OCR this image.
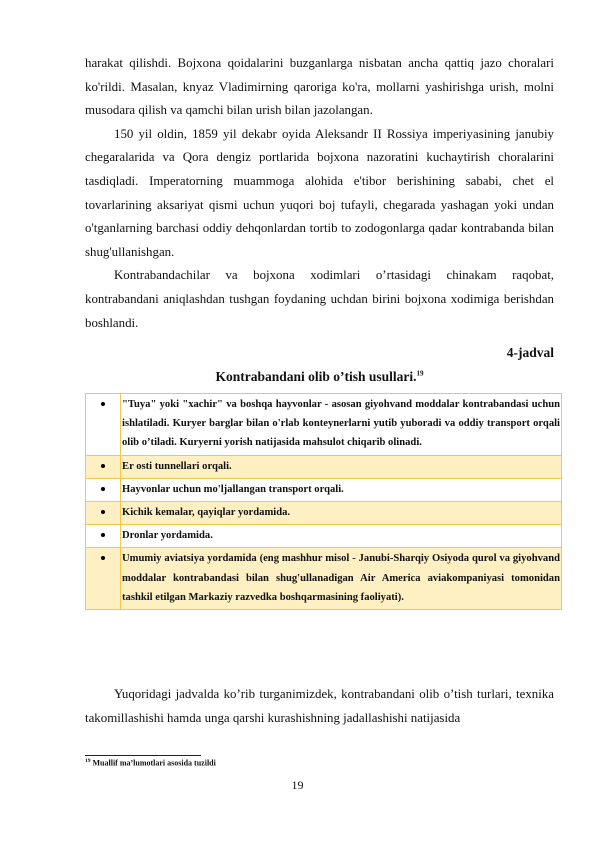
harakat qilishdi. Bojxona qoidalarini buzganlarga nisbatan ancha qattiq jazo choralari ko'rildi. Masalan, knyaz Vladimirning qaroriga ko'ra, mollarni yashirishga urish, molni musodara qilish va qamchi bilan urish bilan jazolangan.

150 yil oldin, 1859 yil dekabr oyida Aleksandr II Rossiya imperiyasining janubiy chegaralarida va Qora dengiz portlarida bojxona nazoratini kuchaytirish choralarini tasdiqladi. Imperatorning muammoga alohida e'tibor berishining sababi, chet el tovarlarining aksariyat qismi uchun yuqori boj tufayli, chegarada yashagan yoki undan o'tganlarning barchasi oddiy dehqonlardan tortib to zodogonlarga qadar kontrabanda bilan shug'ullanishgan.

Kontrabandachilar va bojxona xodimlari o’rtasidagi chinakam raqobat, kontrabandani aniqlashdan tushgan foydaning uchdan birini bojxona xodimiga berishdan boshlandi.

4-jadval
Kontrabandani olib o’tish usullari.$^{19}$
	"Tuya" yoki "xachir" va boshqa hayvonlar - asosan giyohvand moddalar kontrabandasi uchun ishlatiladi. Kuryer barglar bilan o'rlab konteynerlarni yutib yuboradi va oddiy transport orqali olib o’tiladi. Kuryerni yorish natijasida mahsulot chiqarib olinadi.
	Er osti tunnellari orqali.
	Hayvonlar uchun mo'ljallangan transport orqali.
	Kichik kemalar, qayiqlar yordamida.
	Dronlar yordamida.
	Umumiy aviatsiya yordamida (eng mashhur misol - Janubi-Sharqiy Osiyoda qurol va giyohvand moddalar kontrabandasi bilan shug'ullanadigan Air America aviakompaniyasi tomonidan tashkil etilgan Markaziy razvedka boshqarmasining faoliyati).

Yuqoridagi jadvalda ko’rib turganimizdek, kontrabandani olib o’tish turlari, texnika takomillashishi hamda unga qarshi kurashishning jadallashishi natijasida

$^{19}$ Muallif ma’lumotlari asosida tuzildi
19
